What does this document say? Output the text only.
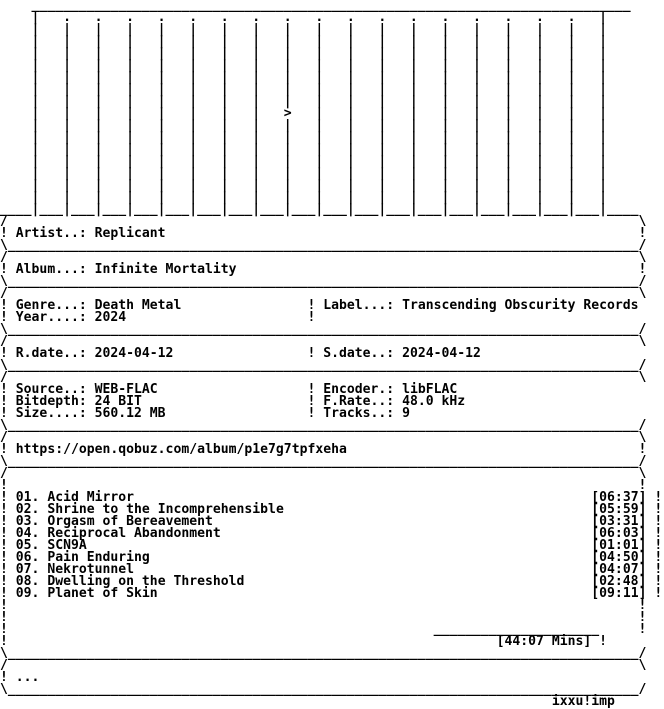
____________________________________________________________________________
|   .   .   .   .   .   .   .   .   .   .   .   .   .   .   .   .   .   |
|   |   |   |   |   |   |   |   |   |   |   |   |   |   |   |   |   |   |
|   |   |   |   |   |   |   |   |   |   |   |   |   |   |   |   |   |   |
|   |   |   |   |   |   |   |   |   |   |   |   |   |   |   |   |   |   |
|   |   |   |   |   |   |   |   |   |   |   |   |   |   |   |   |   |   |
|   |   |   |   |   |   |   |   |   |   |   |   |   |   |   |   |   |   |
|   |   |   |   |   |   |   |   |   |   |   |   |   |   |   |   |   |   |
|   |   |   |   |   |   |   |   |   |   |   |   |   |   |   |   |   |   |
|   |   |   |   |   |   |   |   >   |   |   |   |   |   |   |   |   |   |
|   |   |   |   |   |   |   |   |   |   |   |   |   |   |   |   |   |   |
|   |   |   |   |   |   |   |   |   |   |   |   |   |   |   |   |   |   |
|   |   |   |   |   |   |   |   |   |   |   |   |   |   |   |   |   |   |
|   |   |   |   |   |   |   |   |   |   |   |   |   |   |   |   |   |   |
|   |   |   |   |   |   |   |   |   |   |   |   |   |   |   |   |   |   |
|   |   |   |   |   |   |   |   |   |   |   |   |   |   |   |   |   |   |
|   |   |   |   |   |   |   |   |   |   |   |   |   |   |   |   |   |   |
____|___|___|___|___|___|___|___|___|___|___|___|___|___|___|___|___|___|___|____
/                                                                                \
! Artist..: Replicant                                                            !
\________________________________________________________________________________/
/                                                                                \
! Album...: Infinite Mortality                                                   !
\________________________________________________________________________________/
/                                                                                \
! Genre...: Death Metal                ! Label...: Transcending Obscurity Records
! Year....: 2024                       !
\________________________________________________________________________________/
/                                                                                \
! R.date..: 2024-04-12                 ! S.date..: 2024-04-12
\________________________________________________________________________________/
/                                                                                \
! Source..: WEB-FLAC                   ! Encoder.: libFLAC
! Bitdepth: 24 BIT                     ! F.Rate..: 48.0 kHz
! Size....: 560.12 MB                  ! Tracks..: 9
\________________________________________________________________________________/
/                                                                                \
! https://open.qobuz.com/album/p1e7g7tpfxeha                                     !
\________________________________________________________________________________/
/                                                                                \
!                                                                                !
! 01. Acid Mirror	[06:37] !
! 02. Shrine to the Incomprehensible	[05:59] !
! 03. Orgasm of Bereavement	[03:31] !
! 04. Reciprocal Abandonment	[06:03] !
! 05. SCN9A	[01:01] !
! 06. Pain Enduring	[04:50] !
! 07. Nekrotunnel	[04:07] !
! 08. Dwelling on the Threshold	[02:48] !
! 09. Planet of Skin	[09:11] !
!                                                                                !
!                                                                                !
!                                                      _____________________     !
!                                                              [44:07 Mins] !
\________________________________________________________________________________/
/                                                                                \
! ...
\________________________________________________________________________________/
ixxu!imp
